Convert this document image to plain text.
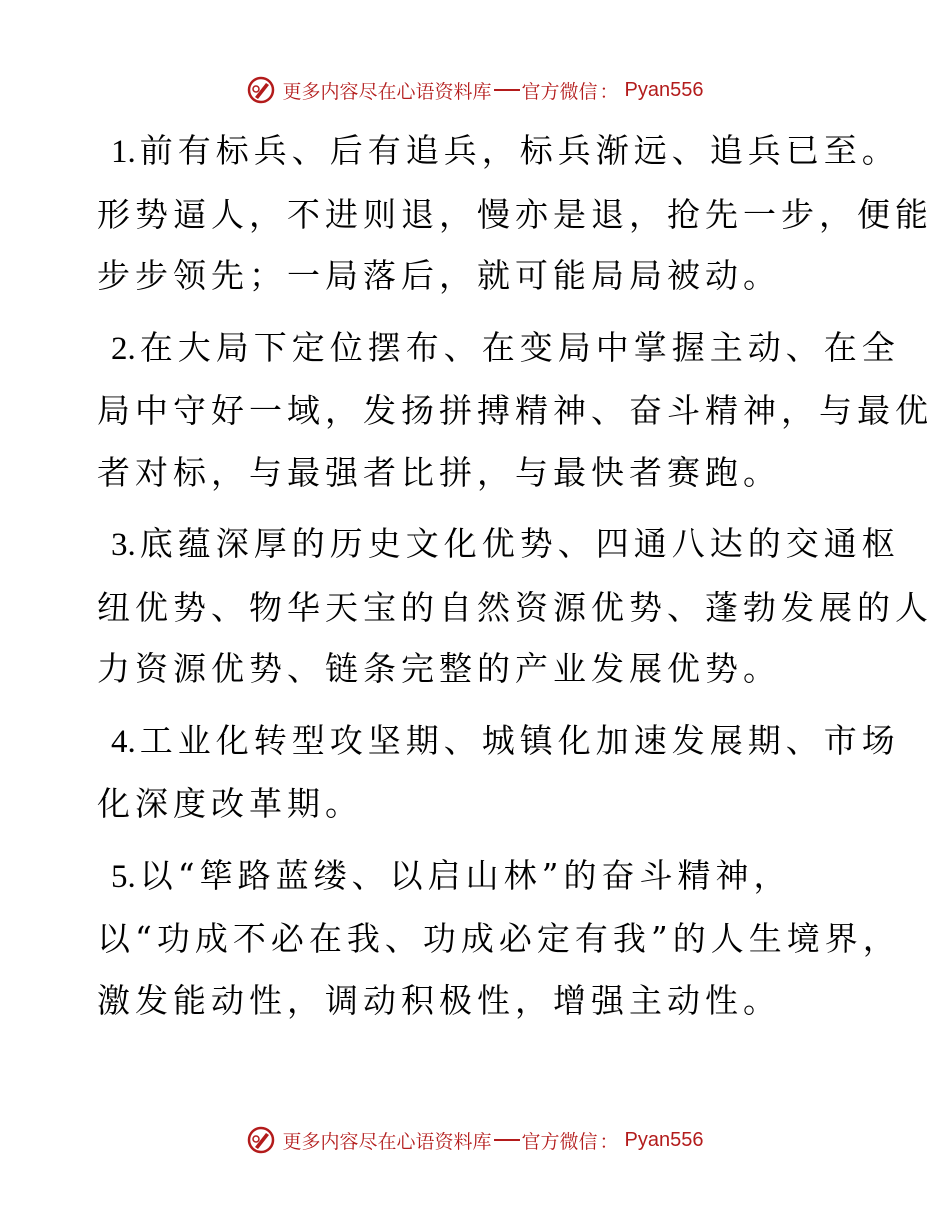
更多内容尽在心语资料库 官方微信 ： Pyan556
1. 前有标兵、后有追兵，标兵渐远、追兵已至。
形势逼人，不进则退，慢亦是退，抢先一步，便能
步步领先；一局落后，就可能局局被动。
2. 在大局下定位摆布、在变局中掌握主动、在全
局中守好一域，发扬拼搏精神、奋斗精神，与最优
者对标，与最强者比拼，与最快者赛跑。
3. 底蕴深厚的历史文化优势、四通八达的交通枢
纽优势、物华天宝的自然资源优势、蓬勃发展的人
力资源优势、链条完整的产业发展优势。
4. 工业化转型攻坚期、城镇化加速发展期、市场
化深度改革期。
5. 以“筚路蓝缕、以启山林”的奋斗精神，
以“功成不必在我、功成必定有我”的人生境界，
激发能动性，调动积极性，增强主动性。
更多内容尽在心语资料库 官方微信 ： Pyan556
